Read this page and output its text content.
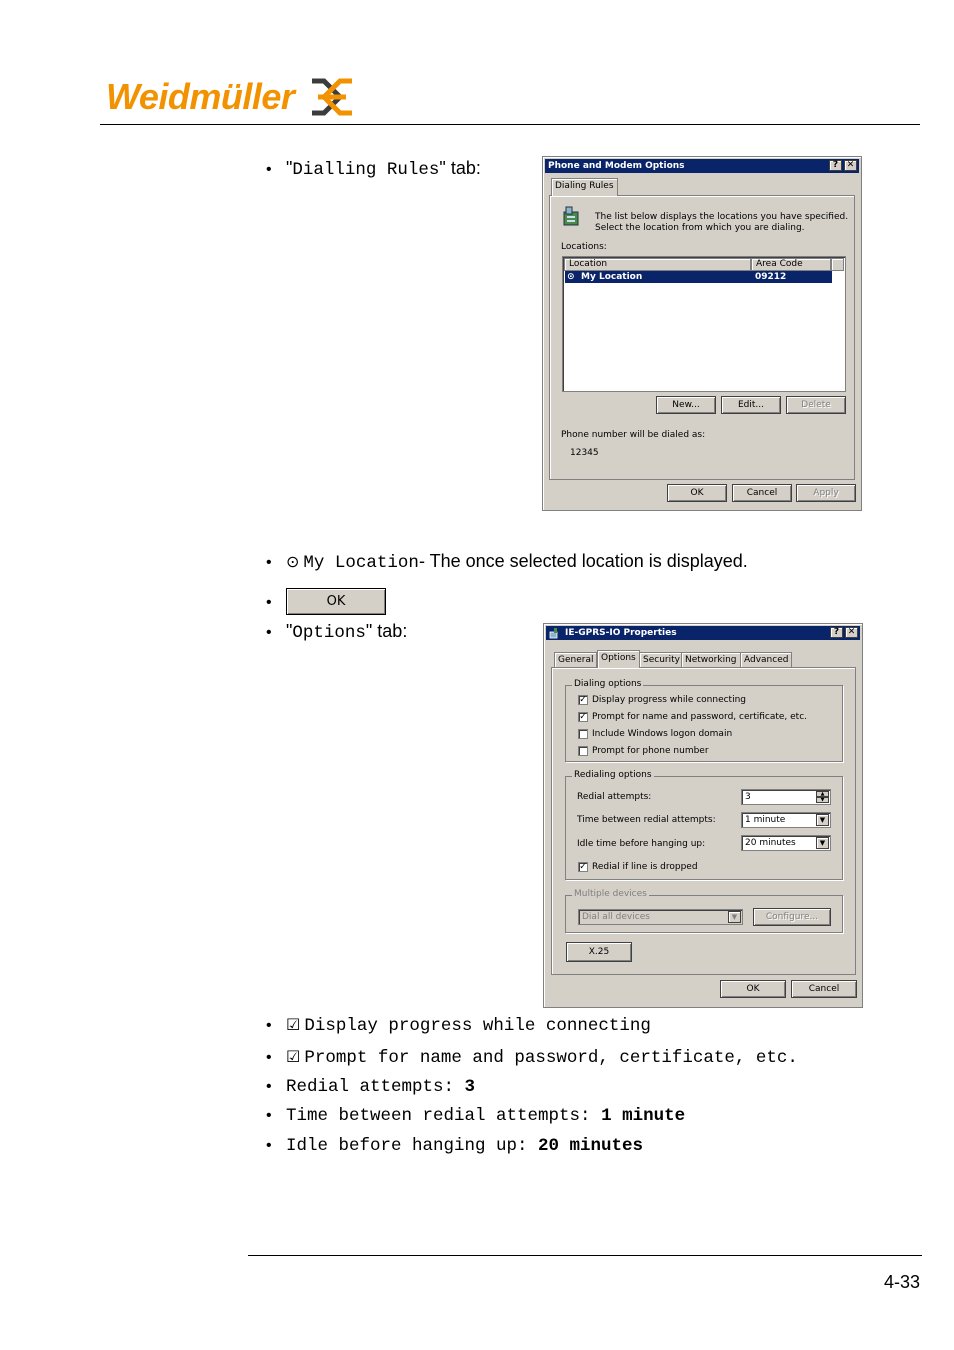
Weidmüller
• " Dialling Rules " tab:	Phone and Modem Options	? ✕
Dialing Rules
The list below displays the locations you have specified. Select the location from which you are dialing.
Locations:
Location	Area Code
⊙ My Location	09212
New...	Edit...	Delete
Phone number will be dialed as:
12345
OK	Cancel	Apply
• ⊙ My Location - The once selected location is displayed.
•	OK
• " Options " tab:	IE-GPRS-IO Properties	? ✕
General Options Security Networking Advanced
Dialing options
✓ Display progress while connecting
✓ Prompt for name and password, certificate, etc.
Include Windows logon domain
Prompt for phone number
Redialing options
Redial attempts:	3	▲
▼
Time between redial attempts:	1 minute	▼
Idle time before hanging up:	20 minutes	▼
✓ Redial if line is dropped
Multiple devices
Dial all devices	▼	Configure...
X.25
OK	Cancel
• ☑ Display progress while connecting
• ☑ Prompt for name and password, certificate, etc.
• Redial attempts: 3
• Time between redial attempts: 1 minute
• Idle before hanging up: 20 minutes
4-33
